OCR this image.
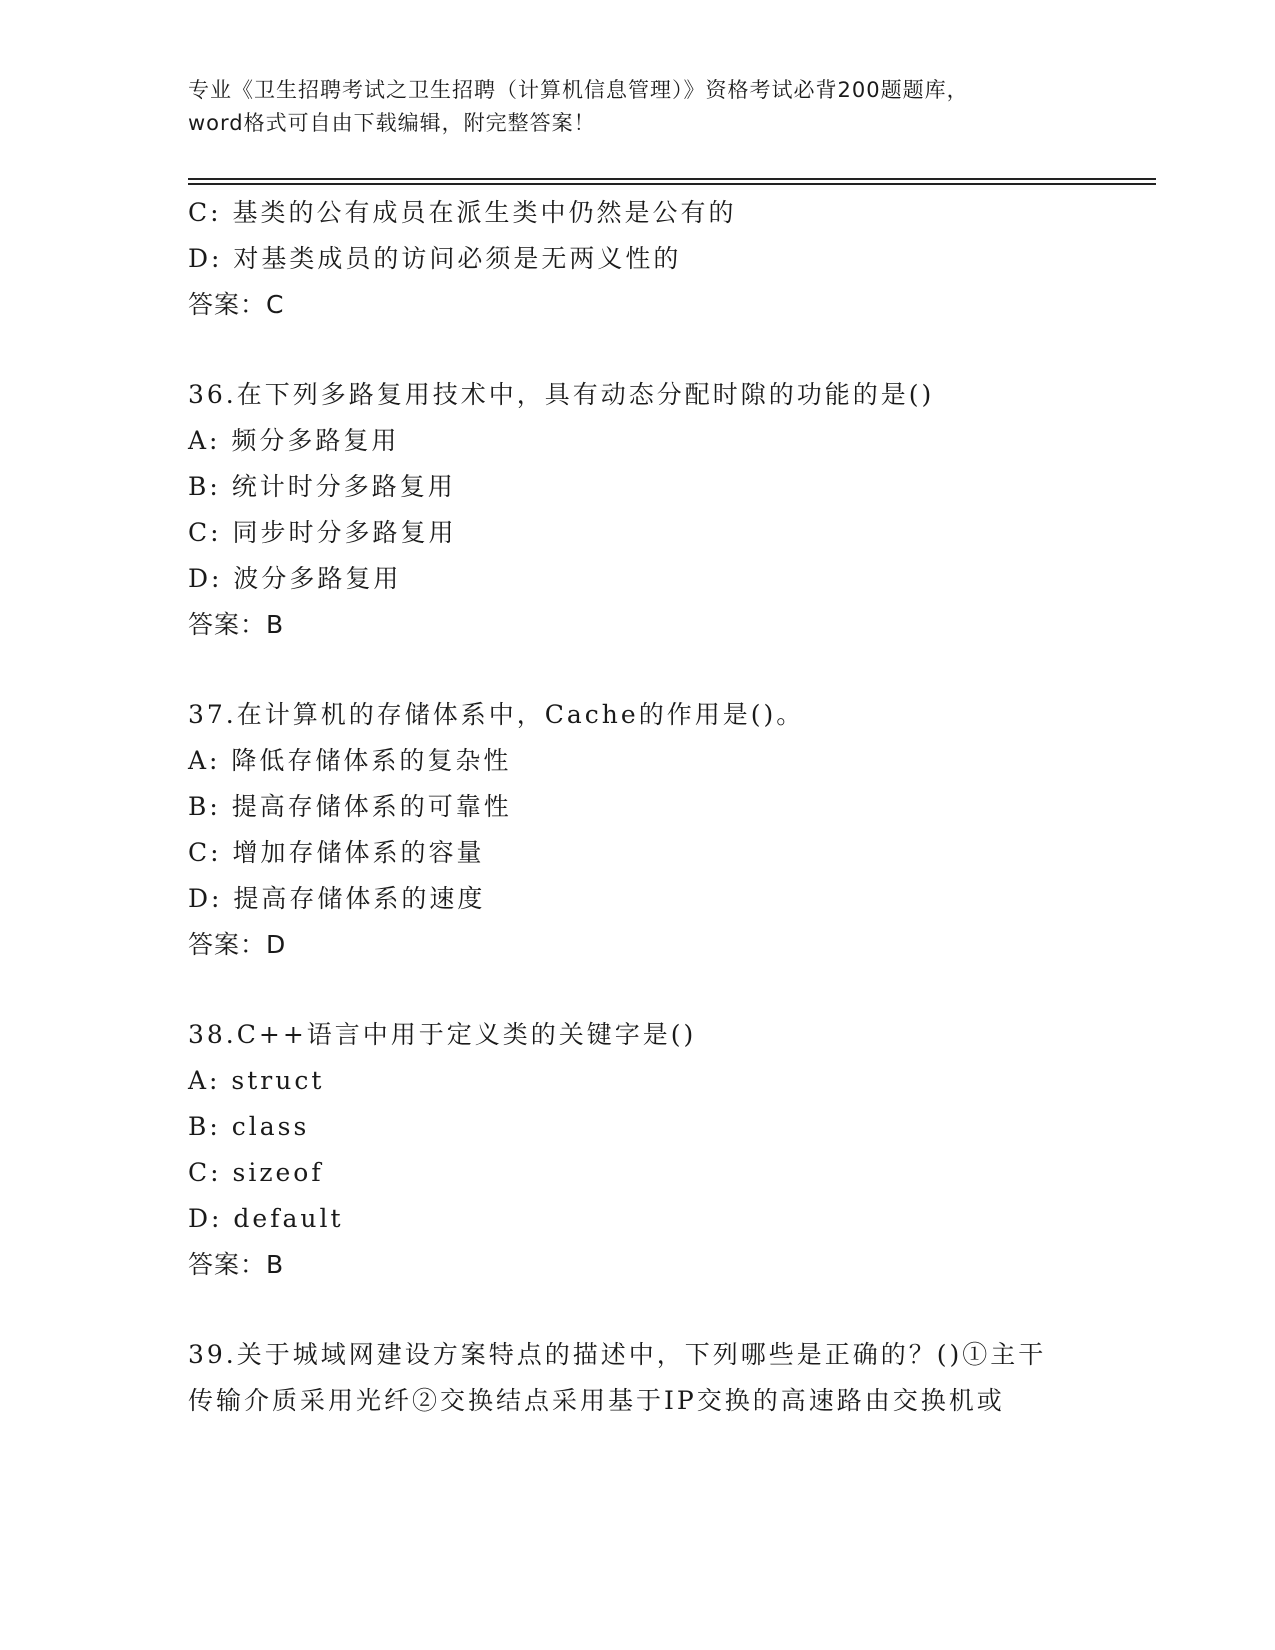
专业《卫生招聘考试之卫生招聘（计算机信息管理）》资格考试必背200题题库，
word格式可自由下载编辑，附完整答案！
C: 基类的公有成员在派生类中仍然是公有的
D: 对基类成员的访问必须是无两义性的
答案：C
36.在下列多路复用技术中，具有动态分配时隙的功能的是()
A: 频分多路复用
B: 统计时分多路复用
C: 同步时分多路复用
D: 波分多路复用
答案：B
37.在计算机的存储体系中，Cache的作用是()。
A: 降低存储体系的复杂性
B: 提高存储体系的可靠性
C: 增加存储体系的容量
D: 提高存储体系的速度
答案：D
38.C++语言中用于定义类的关键字是()
A: struct
B: class
C: sizeof
D: default
答案：B
39.关于城域网建设方案特点的描述中，下列哪些是正确的？()①主干
传输介质采用光纤②交换结点采用基于IP交换的高速路由交换机或
